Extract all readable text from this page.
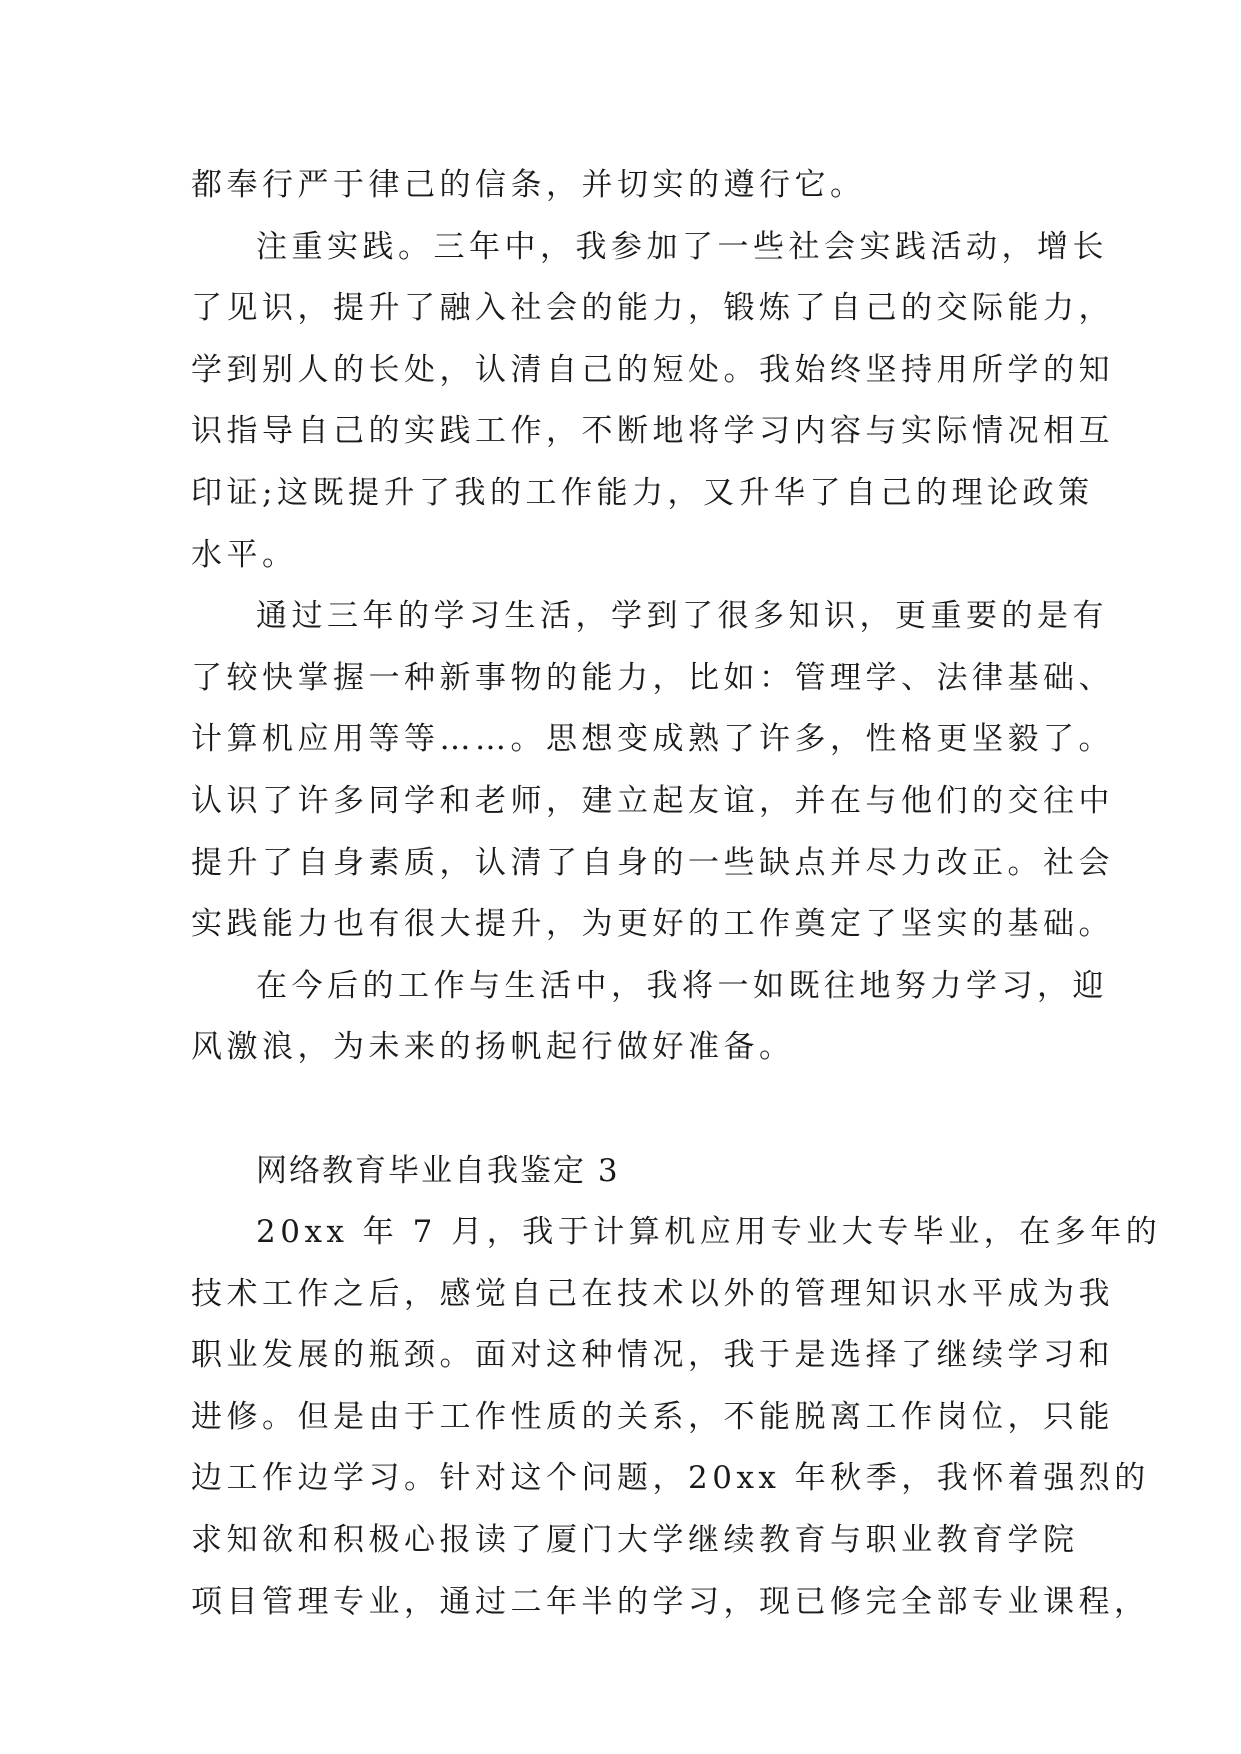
都奉行严于律己的信条，并切实的遵行它。
注重实践。三年中，我参加了一些社会实践活动，增长
了见识，提升了融入社会的能力，锻炼了自己的交际能力，
学到别人的长处，认清自己的短处。我始终坚持用所学的知
识指导自己的实践工作，不断地将学习内容与实际情况相互
印证;这既提升了我的工作能力，又升华了自己的理论政策
水平。
通过三年的学习生活，学到了很多知识，更重要的是有
了较快掌握一种新事物的能力，比如：管理学、法律基础、
计算机应用等等……。思想变成熟了许多，性格更坚毅了。
认识了许多同学和老师，建立起友谊，并在与他们的交往中
提升了自身素质，认清了自身的一些缺点并尽力改正。社会
实践能力也有很大提升，为更好的工作奠定了坚实的基础。
在今后的工作与生活中，我将一如既往地努力学习，迎
风激浪，为未来的扬帆起行做好准备。
网络教育毕业自我鉴定 3
20xx 年 7 月，我于计算机应用专业大专毕业，在多年的
技术工作之后，感觉自己在技术以外的管理知识水平成为我
职业发展的瓶颈。面对这种情况，我于是选择了继续学习和
进修。但是由于工作性质的关系，不能脱离工作岗位，只能
边工作边学习。针对这个问题，20xx 年秋季，我怀着强烈的
求知欲和积极心报读了厦门大学继续教育与职业教育学院
项目管理专业，通过二年半的学习，现已修完全部专业课程，
